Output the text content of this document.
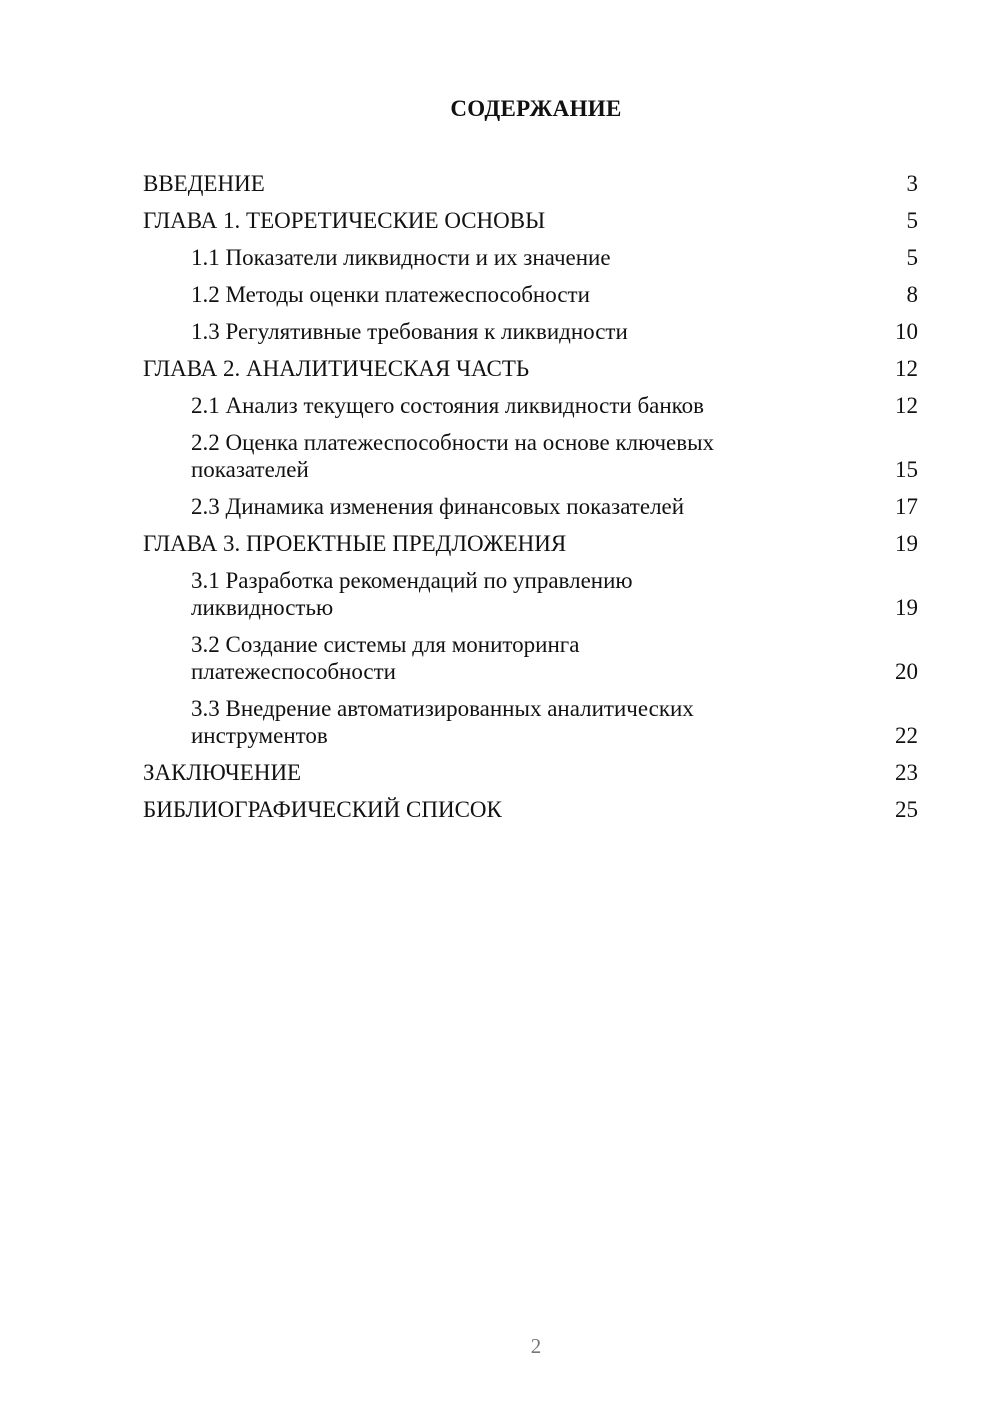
СОДЕРЖАНИЕ
ВВЕДЕНИЕ	3
ГЛАВА 1. ТЕОРЕТИЧЕСКИЕ ОСНОВЫ	5
1.1 Показатели ликвидности и их значение	5
1.2 Методы оценки платежеспособности	8
1.3 Регулятивные требования к ликвидности	10
ГЛАВА 2. АНАЛИТИЧЕСКАЯ ЧАСТЬ	12
2.1 Анализ текущего состояния ликвидности банков	12
2.2 Оценка платежеспособности на основе ключевых показателей	15
2.3 Динамика изменения финансовых показателей	17
ГЛАВА 3. ПРОЕКТНЫЕ ПРЕДЛОЖЕНИЯ	19
3.1 Разработка рекомендаций по управлению ликвидностью	19
3.2 Создание системы для мониторинга платежеспособности	20
3.3 Внедрение автоматизированных аналитических инструментов	22
ЗАКЛЮЧЕНИЕ	23
БИБЛИОГРАФИЧЕСКИЙ СПИСОК	25
2
